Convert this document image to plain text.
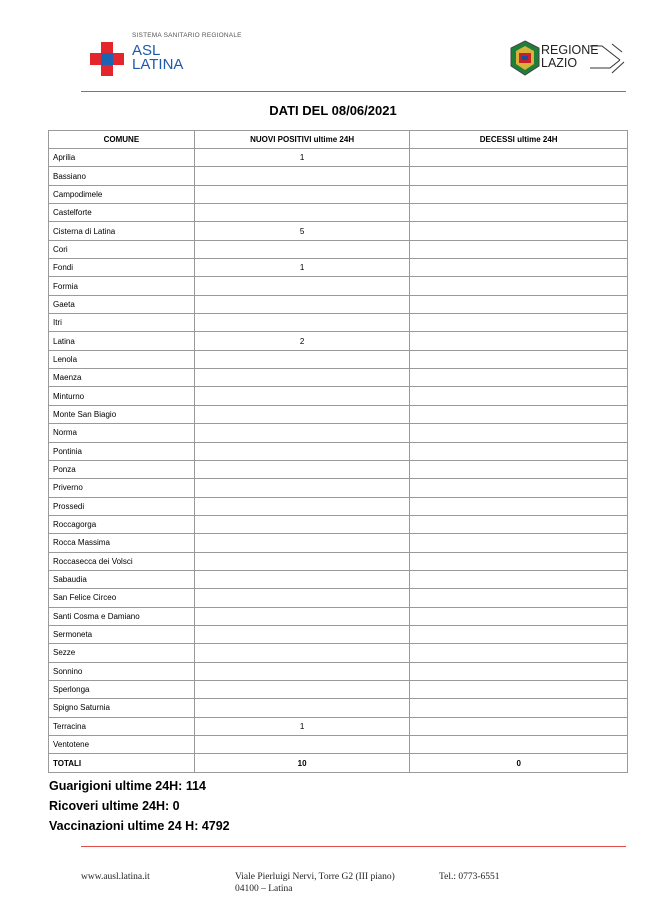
SISTEMA SANITARIO REGIONALE
ASL
LATINA
REGIONE
LAZIO
DATI DEL 08/06/2021
COMUNE	NUOVI POSITIVI ultime 24H	DECESSI ultime 24H
Aprilia	1	
Bassiano		
Campodimele		
Castelforte		
Cisterna di Latina	5	
Cori		
Fondi	1	
Formia		
Gaeta		
Itri		
Latina	2	
Lenola		
Maenza		
Minturno		
Monte San Biagio		
Norma		
Pontinia		
Ponza		
Priverno		
Prossedi		
Roccagorga		
Rocca Massima		
Roccasecca dei Volsci		
Sabaudia		
San Felice Circeo		
Santi Cosma e Damiano		
Sermoneta		
Sezze		
Sonnino		
Sperlonga		
Spigno Saturnia		
Terracina	1	
Ventotene		
TOTALI	10	0
Guarigioni ultime 24H: 114
Ricoveri ultime 24H: 0
Vaccinazioni ultime 24 H: 4792
www.ausl.latina.it	Viale Pierluigi Nervi, Torre G2 (III piano)
04100 – Latina
Tel.: 0773-6551
